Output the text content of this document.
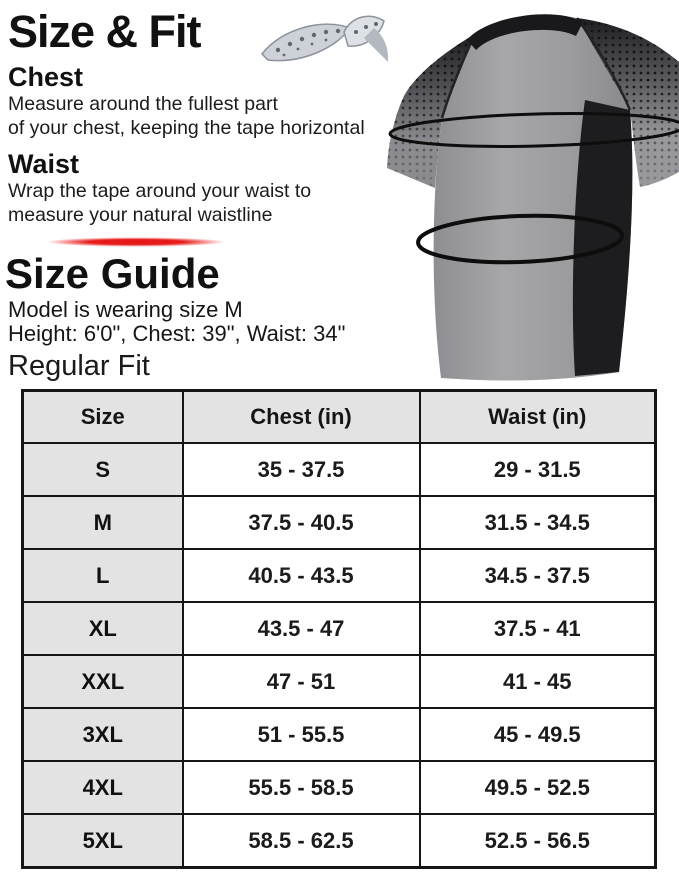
Size & Fit
Chest
Measure around the fullest part
of your chest, keeping the tape horizontal
Waist
Wrap the tape around your waist to
measure your natural waistline
Size Guide
Model is wearing size M
Height: 6'0", Chest: 39", Waist: 34"
Regular Fit
Size	Chest (in)	Waist (in)
S	35 - 37.5	29 - 31.5
M	37.5 - 40.5	31.5 - 34.5
L	40.5 - 43.5	34.5 - 37.5
XL	43.5 - 47	37.5 - 41
XXL	47 - 51	41 - 45
3XL	51 - 55.5	45 - 49.5
4XL	55.5 - 58.5	49.5 - 52.5
5XL	58.5 - 62.5	52.5 - 56.5
